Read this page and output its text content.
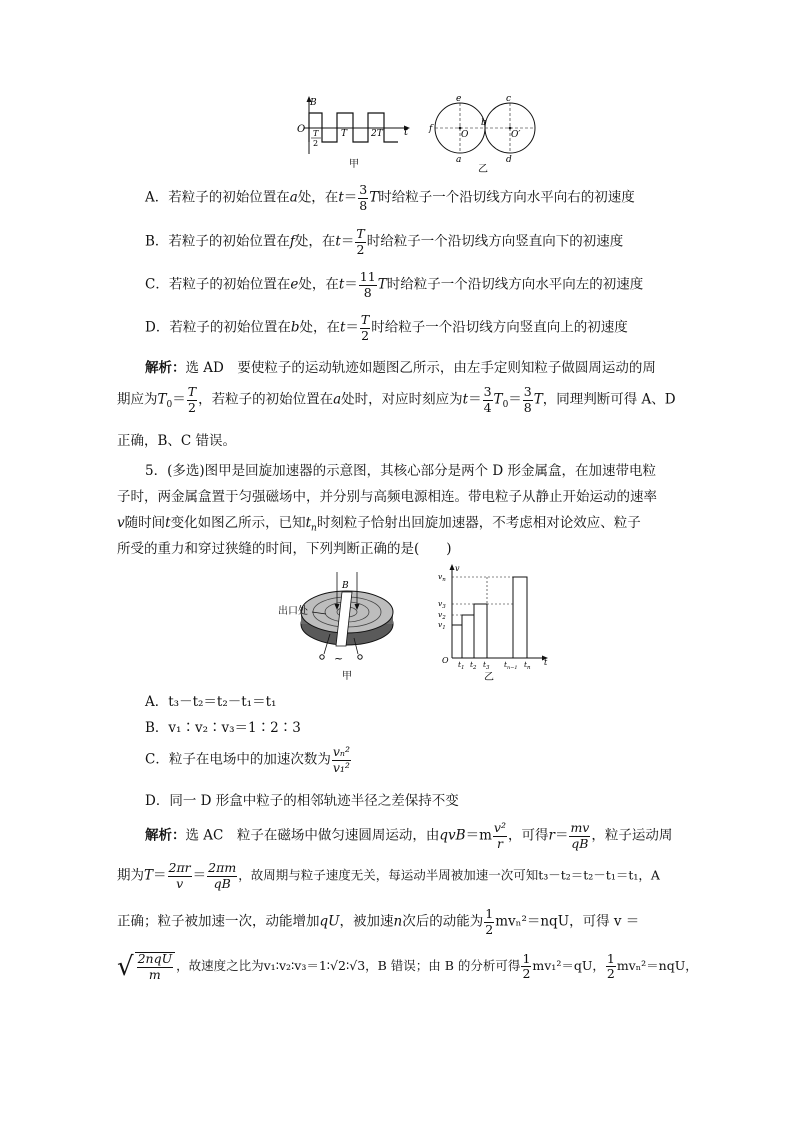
B
O	t
T
2
T	2T
甲
e	c
f
b
O	O′
a	d
乙
A．若粒子的初始位置在a处，在$t= \frac{3}{8}$ T时给粒子一个沿切线方向水平向右的初速度
B．若粒子的初始位置在f处，在$t= \frac{T}{2}$ 时给粒子一个沿切线方向竖直向下的初速度
C．若粒子的初始位置在e处，在$t= \frac{11}{8}$ T时给粒子一个沿切线方向水平向左的初速度
D．若粒子的初始位置在b处，在$t= \frac{T}{2}$ 时给粒子一个沿切线方向竖直向上的初速度
解析：选 AD　要使粒子的运动轨迹如题图乙所示，由左手定则知粒子做圆周运动的周
期应为$T_0= \frac{T}{2}$ ，若粒子的初始位置在a处时，对应时刻应为$t= \frac{3}{4} T_0= \frac{3}{8}$ T，同理判断可得 A、D
正确，B、C 错误。
5．(多选)图甲是回旋加速器的示意图，其核心部分是两个 D 形金属盒，在加速带电粒
子时，两金属盒置于匀强磁场中，并分别与高频电源相连。带电粒子从静止开始运动的速率
v随时间t变化如图乙所示，已知$t_n$时刻粒子恰射出回旋加速器，不考虑相对论效应、粒子
所受的重力和穿过狭缝的时间，下列判断正确的是(　　)
B
出口处
~
甲
v
$v_n$
$v_3$
$v_2$
$v_1$
O	t
$t_1$ $t_2$ $t_3$ $t_{n-1}$ $t_n$
乙
A．t₃－t₂＝t₂－t₁＝t₁
B．v₁∶v₂∶v₃＝1∶2∶3
C．粒子在电场中的加速次数为 $\frac{\text{vₙ²}}{\text{v₁²}}$
D．同一 D 形盒中粒子的相邻轨迹半径之差保持不变
解析：选 AC　粒子在磁场中做匀速圆周运动，由$qvB=m \frac{\text{v²}}{r}$ ，可得$r= \frac{mv}{qB}$ ，粒子运动周
期为$T= \frac{2\pi r}{v} = \frac{2\pi m}{qB}$ ，故周期与粒子速度无关，每运动半周被加速一次可知t₃－t₂＝t₂－t₁＝t₁，A
正确；粒子被加速一次，动能增加qU，被加速n次后的动能为 $\frac{1}{2} mv_n^2=nqU$，可得 v ＝
√ $\frac{\text{2nqU}}{m}$ ，故速度之比为v₁∶v₂∶v₃＝1∶√2∶√3，B 错误；由 B 的分析可得 $\frac{1}{2} mv_1^2=qU$， $\frac{1}{2} mv_n^2=nqU$，
